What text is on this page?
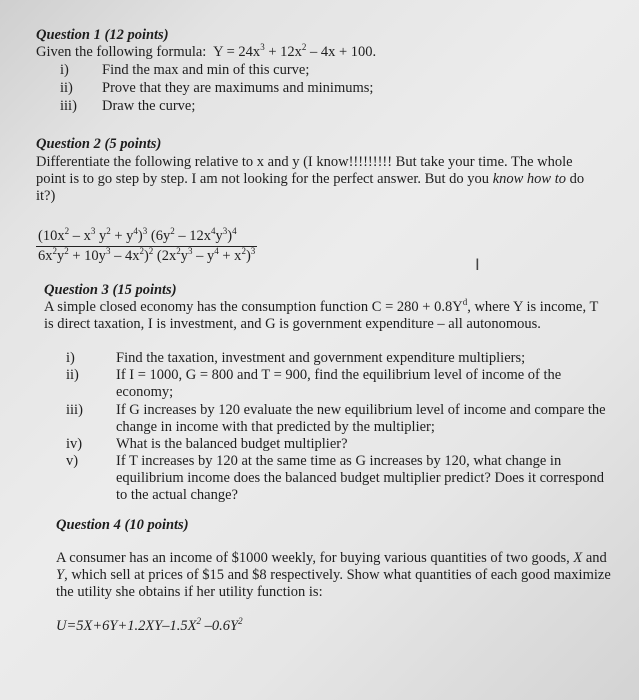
Question 1 (12 points)
Given the following formula: $Y = 24x^3 + 12x^2 - 4x + 100$.
i) Find the max and min of this curve;
ii) Prove that they are maximums and minimums;
iii) Draw the curve;
Question 2 (5 points)
Differentiate the following relative to x and y (I know!!!!!!!!! But take your time. The whole
point is to go step by step. I am not looking for the perfect answer. But do you know how to do
it?)
$\frac{(10x^2 - x^3 y^2 + y^4)^3 (6y^2 - 12x^4y^3)^4}{6x^2y^2 + 10y^3 - 4x^2)^2 (2x^2y^3 - y^4 + x^2)^3}$	I
Question 3 (15 points)
A simple closed economy has the consumption function $C = 280 + 0.8Y^d$, where Y is income, T
is direct taxation, I is investment, and G is government expenditure – all autonomous.
i)	Find the taxation, investment and government expenditure multipliers;
ii)	If I = 1000, G = 800 and T = 900, find the equilibrium level of income of the
economy;
iii) If G increases by 120 evaluate the new equilibrium level of income and compare the
change in income with that predicted by the multiplier;
iv) What is the balanced budget multiplier?
v)	If T increases by 120 at the same time as G increases by 120, what change in
equilibrium income does the balanced budget multiplier predict? Does it correspond
to the actual change?
Question 4 (10 points)
A consumer has an income of $1000 weekly, for buying various quantities of two goods, X and
Y, which sell at prices of $15 and $8 respectively. Show what quantities of each good maximize
the utility she obtains if her utility function is:
$U=5X+6Y+1.2XY-1.5X^2$ $-0.6Y^2$
